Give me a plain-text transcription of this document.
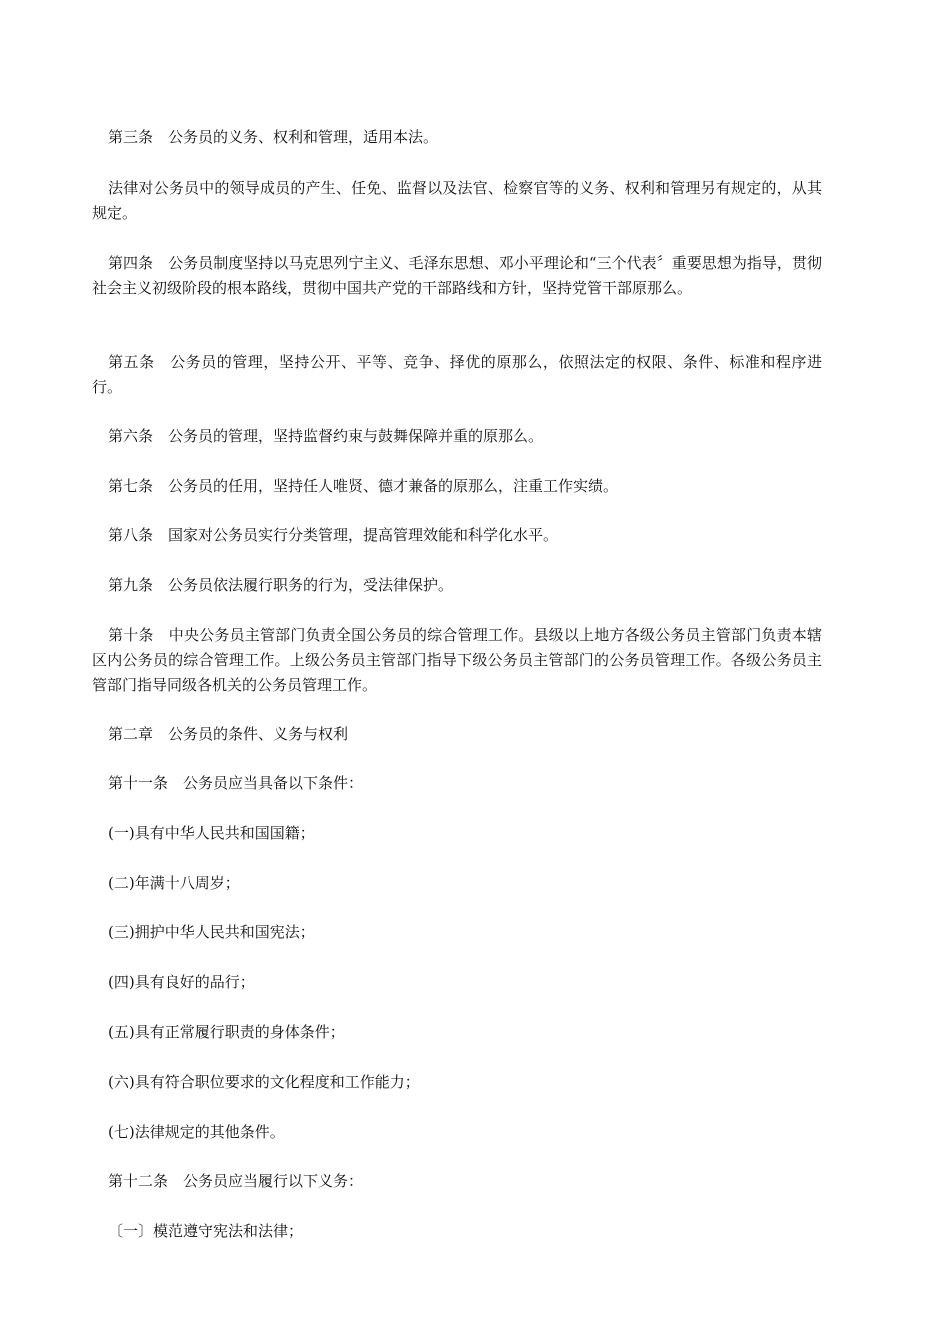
第三条　公务员的义务、权利和管理，适用本法。

法律对公务员中的领导成员的产生、任免、监督以及法官、检察官等的义务、权利和管理另有规定的，从其规定。

第四条　公务员制度坚持以马克思列宁主义、毛泽东思想、邓小平理论和“三个代表〞重要思想为指导，贯彻社会主义初级阶段的根本路线，贯彻中国共产党的干部路线和方针，坚持党管干部原那么。

第五条　公务员的管理，坚持公开、平等、竞争、择优的原那么，依照法定的权限、条件、标准和程序进行。

第六条　公务员的管理，坚持监督约束与鼓舞保障并重的原那么。

第七条　公务员的任用，坚持任人唯贤、德才兼备的原那么，注重工作实绩。

第八条　国家对公务员实行分类管理，提高管理效能和科学化水平。

第九条　公务员依法履行职务的行为，受法律保护。

第十条　中央公务员主管部门负责全国公务员的综合管理工作。县级以上地方各级公务员主管部门负责本辖区内公务员的综合管理工作。上级公务员主管部门指导下级公务员主管部门的公务员管理工作。各级公务员主管部门指导同级各机关的公务员管理工作。

第二章　公务员的条件、义务与权利

第十一条　公务员应当具备以下条件：

(一)具有中华人民共和国国籍；

(二)年满十八周岁；

(三)拥护中华人民共和国宪法；

(四)具有良好的品行；

(五)具有正常履行职责的身体条件；

(六)具有符合职位要求的文化程度和工作能力；

(七)法律规定的其他条件。

第十二条　公务员应当履行以下义务：

〔一〕模范遵守宪法和法律；
